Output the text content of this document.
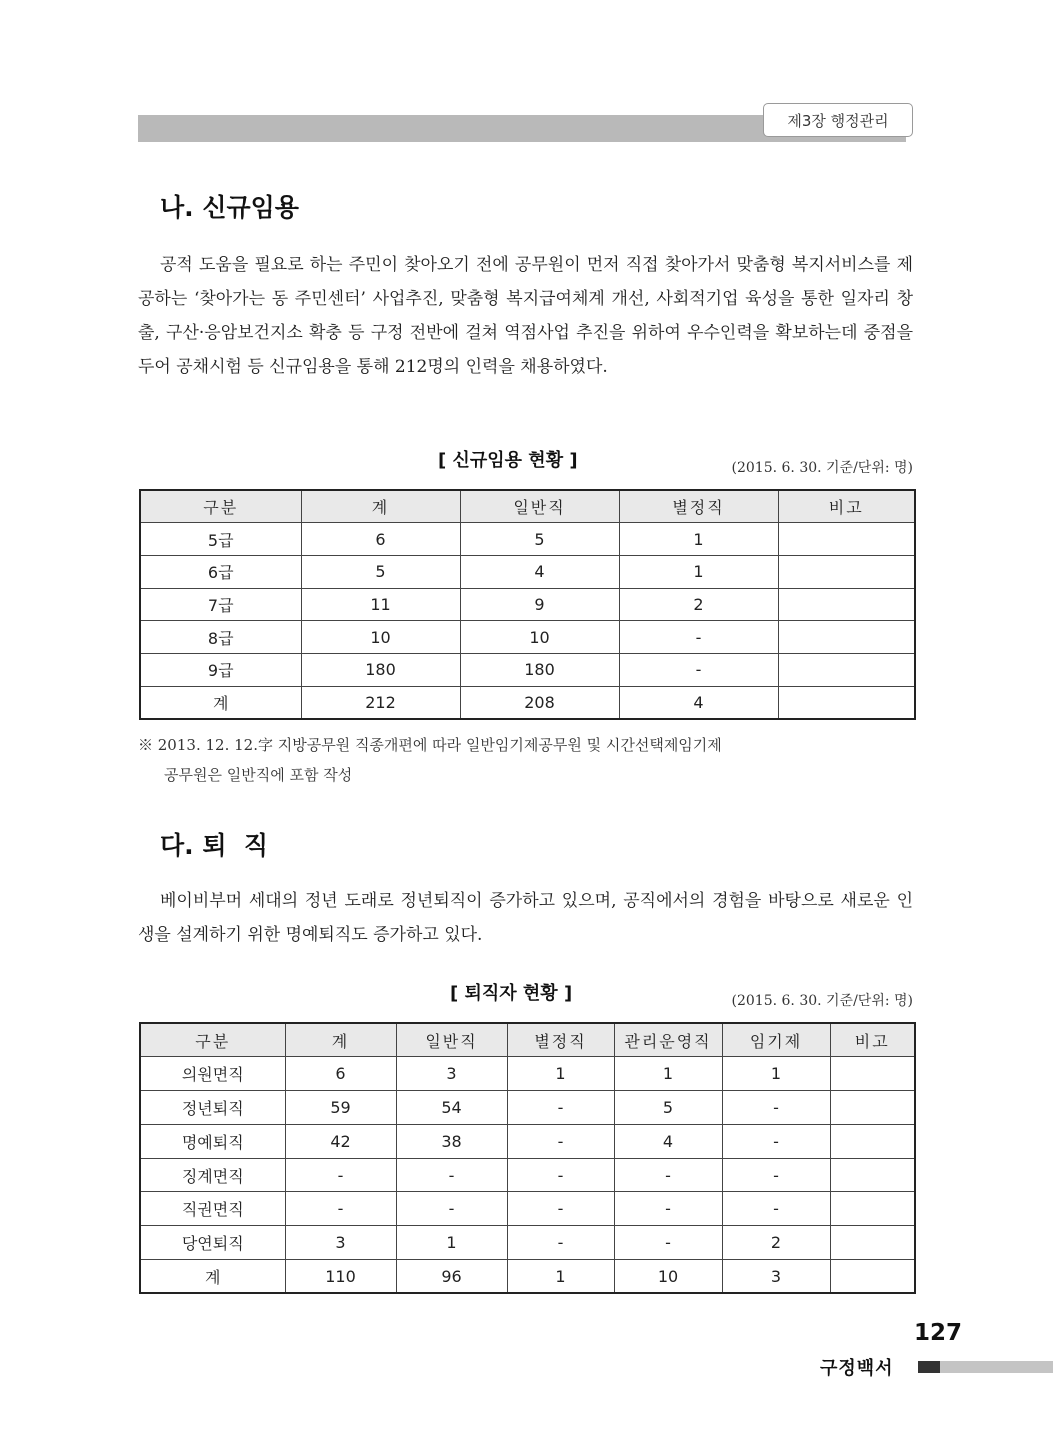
제3장 행정관리
나. 신규임용

공적 도움을 필요로 하는 주민이 찾아오기 전에 공무원이 먼저 직접 찾아가서 맞춤형 복지서비스를 제공하는 ‘찾아가는 동 주민센터’ 사업추진, 맞춤형 복지급여체계 개선, 사회적기업 육성을 통한 일자리 창출, 구산·응암보건지소 확충 등 구정 전반에 걸쳐 역점사업 추진을 위하여 우수인력을 확보하는데 중점을 두어 공채시험 등 신규임용을 통해 212명의 인력을 채용하였다.

[ 신규임용 현황 ]	(2015. 6. 30. 기준/단위: 명)
구분	계	일반직	별정직	비고
5급	6	5	1	
6급	5	4	1	
7급	11	9	2	
8급	10	10	-	
9급	180	180	-	
계	212	208	4	

※ 2013. 12. 12.字 지방공무원 직종개편에 따라 일반임기제공무원 및 시간선택제임기제
공무원은 일반직에 포함 작성

다. 퇴  직

베이비부머 세대의 정년 도래로 정년퇴직이 증가하고 있으며, 공직에서의 경험을 바탕으로 새로운 인생을 설계하기 위한 명예퇴직도 증가하고 있다.

[ 퇴직자 현황 ]	(2015. 6. 30. 기준/단위: 명)
구분	계	일반직	별정직	관리운영직	임기제	비고
의원면직	6	3	1	1	1	
정년퇴직	59	54	-	5	-	
명예퇴직	42	38	-	4	-	
징계면직	-	-	-	-	-	
직권면직	-	-	-	-	-	
당연퇴직	3	1	-	-	2	
계	110	96	1	10	3	
127
구정백서
